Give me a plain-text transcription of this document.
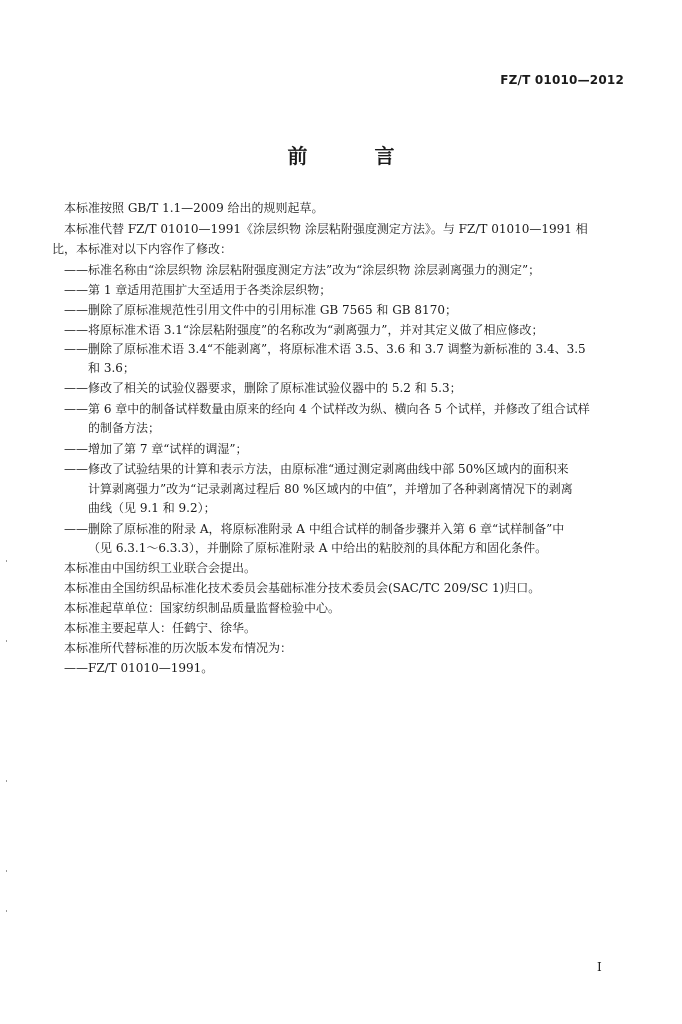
FZ/T 01010—2012
前 言
本标准按照 GB/T 1.1—2009 给出的规则起草。
本标准代替 FZ/T 01010—1991《涂层织物 涂层粘附强度测定方法》。与 FZ/T 01010—1991 相
比，本标准对以下内容作了修改：
——标准名称由“涂层织物 涂层粘附强度测定方法”改为“涂层织物 涂层剥离强力的测定”；
——第 1 章适用范围扩大至适用于各类涂层织物；
——删除了原标准规范性引用文件中的引用标准 GB 7565 和 GB 8170；
——将原标准术语 3.1“涂层粘附强度”的名称改为“剥离强力”，并对其定义做了相应修改；
——删除了原标准术语 3.4“不能剥离”，将原标准术语 3.5、3.6 和 3.7 调整为新标准的 3.4、3.5
和 3.6；
——修改了相关的试验仪器要求，删除了原标准试验仪器中的 5.2 和 5.3；
——第 6 章中的制备试样数量由原来的经向 4 个试样改为纵、横向各 5 个试样，并修改了组合试样
的制备方法；
——增加了第 7 章“试样的调湿”；
——修改了试验结果的计算和表示方法，由原标准“通过测定剥离曲线中部 50%区域内的面积来
计算剥离强力”改为“记录剥离过程后 80 %区域内的中值”，并增加了各种剥离情况下的剥离
曲线（见 9.1 和 9.2）；
——删除了原标准的附录 A，将原标准附录 A 中组合试样的制备步骤并入第 6 章“试样制备”中
（见 6.3.1～6.3.3），并删除了原标准附录 A 中给出的粘胶剂的具体配方和固化条件。
本标准由中国纺织工业联合会提出。
本标准由全国纺织品标准化技术委员会基础标准分技术委员会(SAC/TC 209/SC 1)归口。
本标准起草单位：国家纺织制品质量监督检验中心。
本标准主要起草人：任鹤宁、徐华。
本标准所代替标准的历次版本发布情况为：
——FZ/T 01010—1991。
I
